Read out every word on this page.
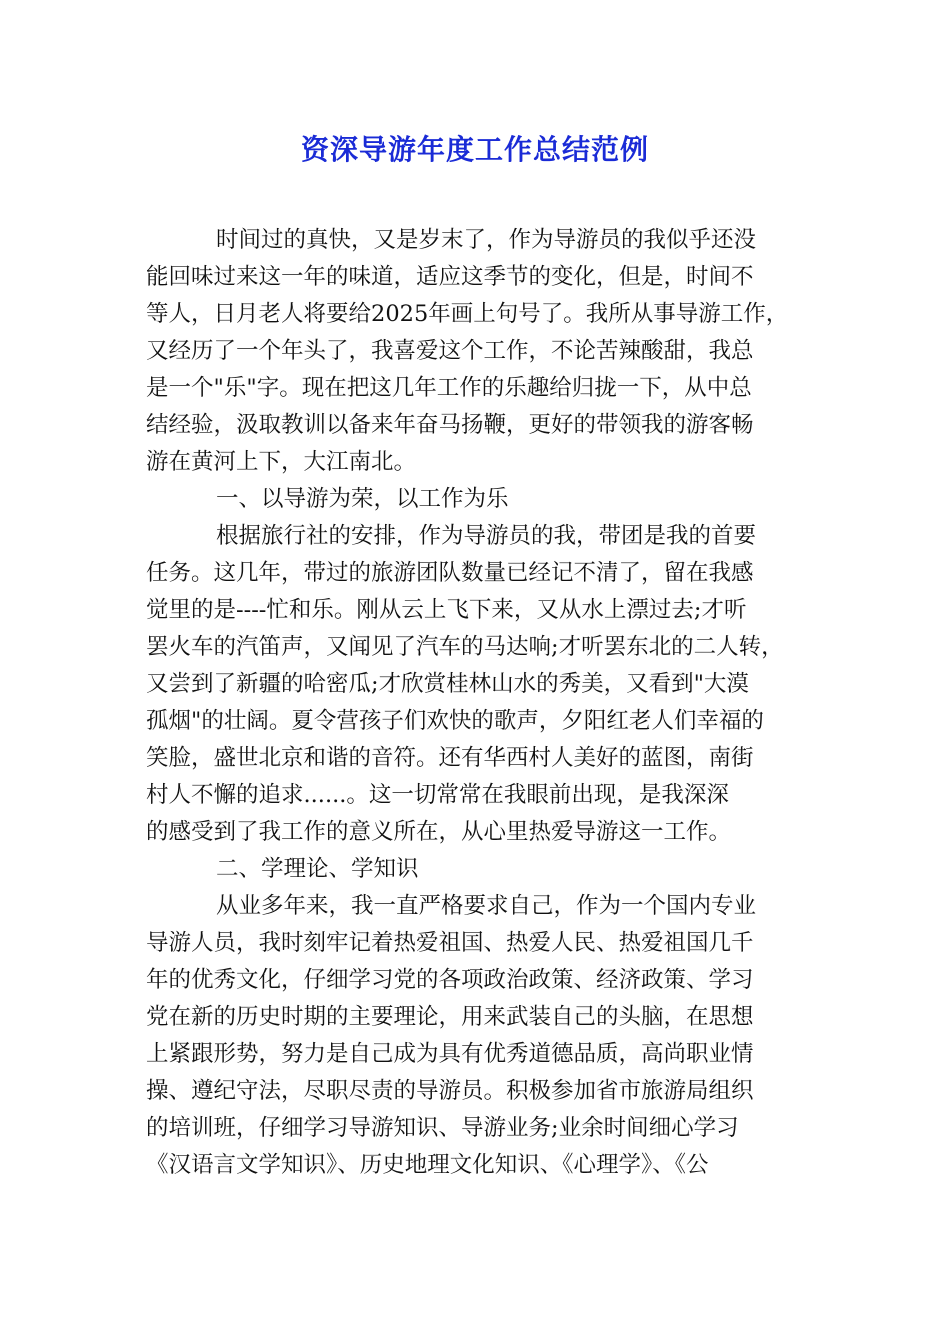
资深导游年度工作总结范例
时间过的真快，又是岁末了，作为导游员的我似乎还没
能回味过来这一年的味道，适应这季节的变化，但是，时间不
等人，日月老人将要给2025年画上句号了。我所从事导游工作，
又经历了一个年头了，我喜爱这个工作，不论苦辣酸甜，我总
是一个"乐"字。现在把这几年工作的乐趣给归拢一下，从中总
结经验，汲取教训以备来年奋马扬鞭，更好的带领我的游客畅
游在黄河上下，大江南北。
一、以导游为荣，以工作为乐
根据旅行社的安排，作为导游员的我，带团是我的首要
任务。这几年，带过的旅游团队数量已经记不清了，留在我感
觉里的是----忙和乐。刚从云上飞下来，又从水上漂过去;才听
罢火车的汽笛声，又闻见了汽车的马达响;才听罢东北的二人转，
又尝到了新疆的哈密瓜;才欣赏桂林山水的秀美，又看到"大漠
孤烟"的壮阔。夏令营孩子们欢快的歌声，夕阳红老人们幸福的
笑脸，盛世北京和谐的音符。还有华西村人美好的蓝图，南街
村人不懈的追求......。这一切常常在我眼前出现，是我深深
的感受到了我工作的意义所在，从心里热爱导游这一工作。
二、学理论、学知识
从业多年来，我一直严格要求自己，作为一个国内专业
导游人员，我时刻牢记着热爱祖国、热爱人民、热爱祖国几千
年的优秀文化，仔细学习党的各项政治政策、经济政策、学习
党在新的历史时期的主要理论，用来武装自己的头脑，在思想
上紧跟形势，努力是自己成为具有优秀道德品质，高尚职业情
操、遵纪守法，尽职尽责的导游员。积极参加省市旅游局组织
的培训班，仔细学习导游知识、导游业务;业余时间细心学习
《汉语言文学知识》、历史地理文化知识、《心理学》、《公
